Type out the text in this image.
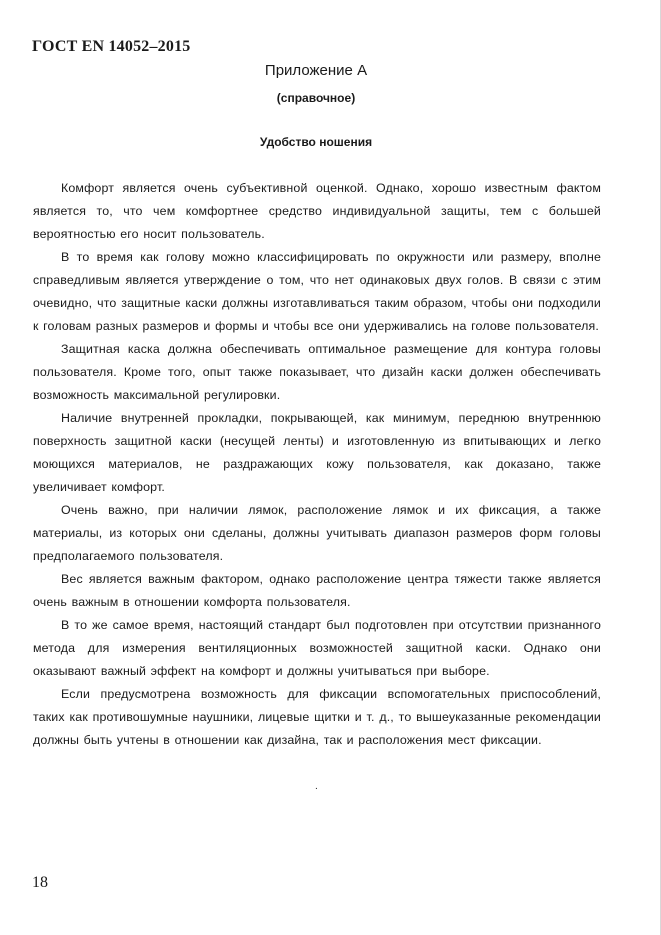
ГОСТ EN 14052–2015
Приложение А
(справочное)
Удобство ношения

Комфорт является очень субъективной оценкой. Однако, хорошо известным фактом является то, что чем комфортнее средство индивидуальной защиты, тем с большей вероятностью его носит пользователь.

В то время как голову можно классифицировать по окружности или размеру, вполне справедливым является утверждение о том, что нет одинаковых двух голов. В связи с этим очевидно, что защитные каски должны изготавливаться таким образом, чтобы они подходили к головам разных размеров и формы и чтобы все они удерживались на голове пользователя.

Защитная каска должна обеспечивать оптимальное размещение для контура головы пользователя. Кроме того, опыт также показывает, что дизайн каски должен обеспечивать возможность максимальной регулировки.

Наличие внутренней прокладки, покрывающей, как минимум, переднюю внутреннюю поверхность защитной каски (несущей ленты) и изготовленную из впитывающих и легко моющихся материалов, не раздражающих кожу пользователя, как доказано, также увеличивает комфорт.

Очень важно, при наличии лямок, расположение лямок и их фиксация, а также материалы, из которых они сделаны, должны учитывать диапазон размеров форм головы предполагаемого пользователя.

Вес является важным фактором, однако расположение центра тяжести также является очень важным в отношении комфорта пользователя.

В то же самое время, настоящий стандарт был подготовлен при отсутствии признанного метода для измерения вентиляционных возможностей защитной каски. Однако они оказывают важный эффект на комфорт и должны учитываться при выборе.

Если предусмотрена возможность для фиксации вспомогательных приспособлений, таких как противошумные наушники, лицевые щитки и т. д., то вышеуказанные рекомендации должны быть учтены в отношении как дизайна, так и расположения мест фиксации.

.
18
